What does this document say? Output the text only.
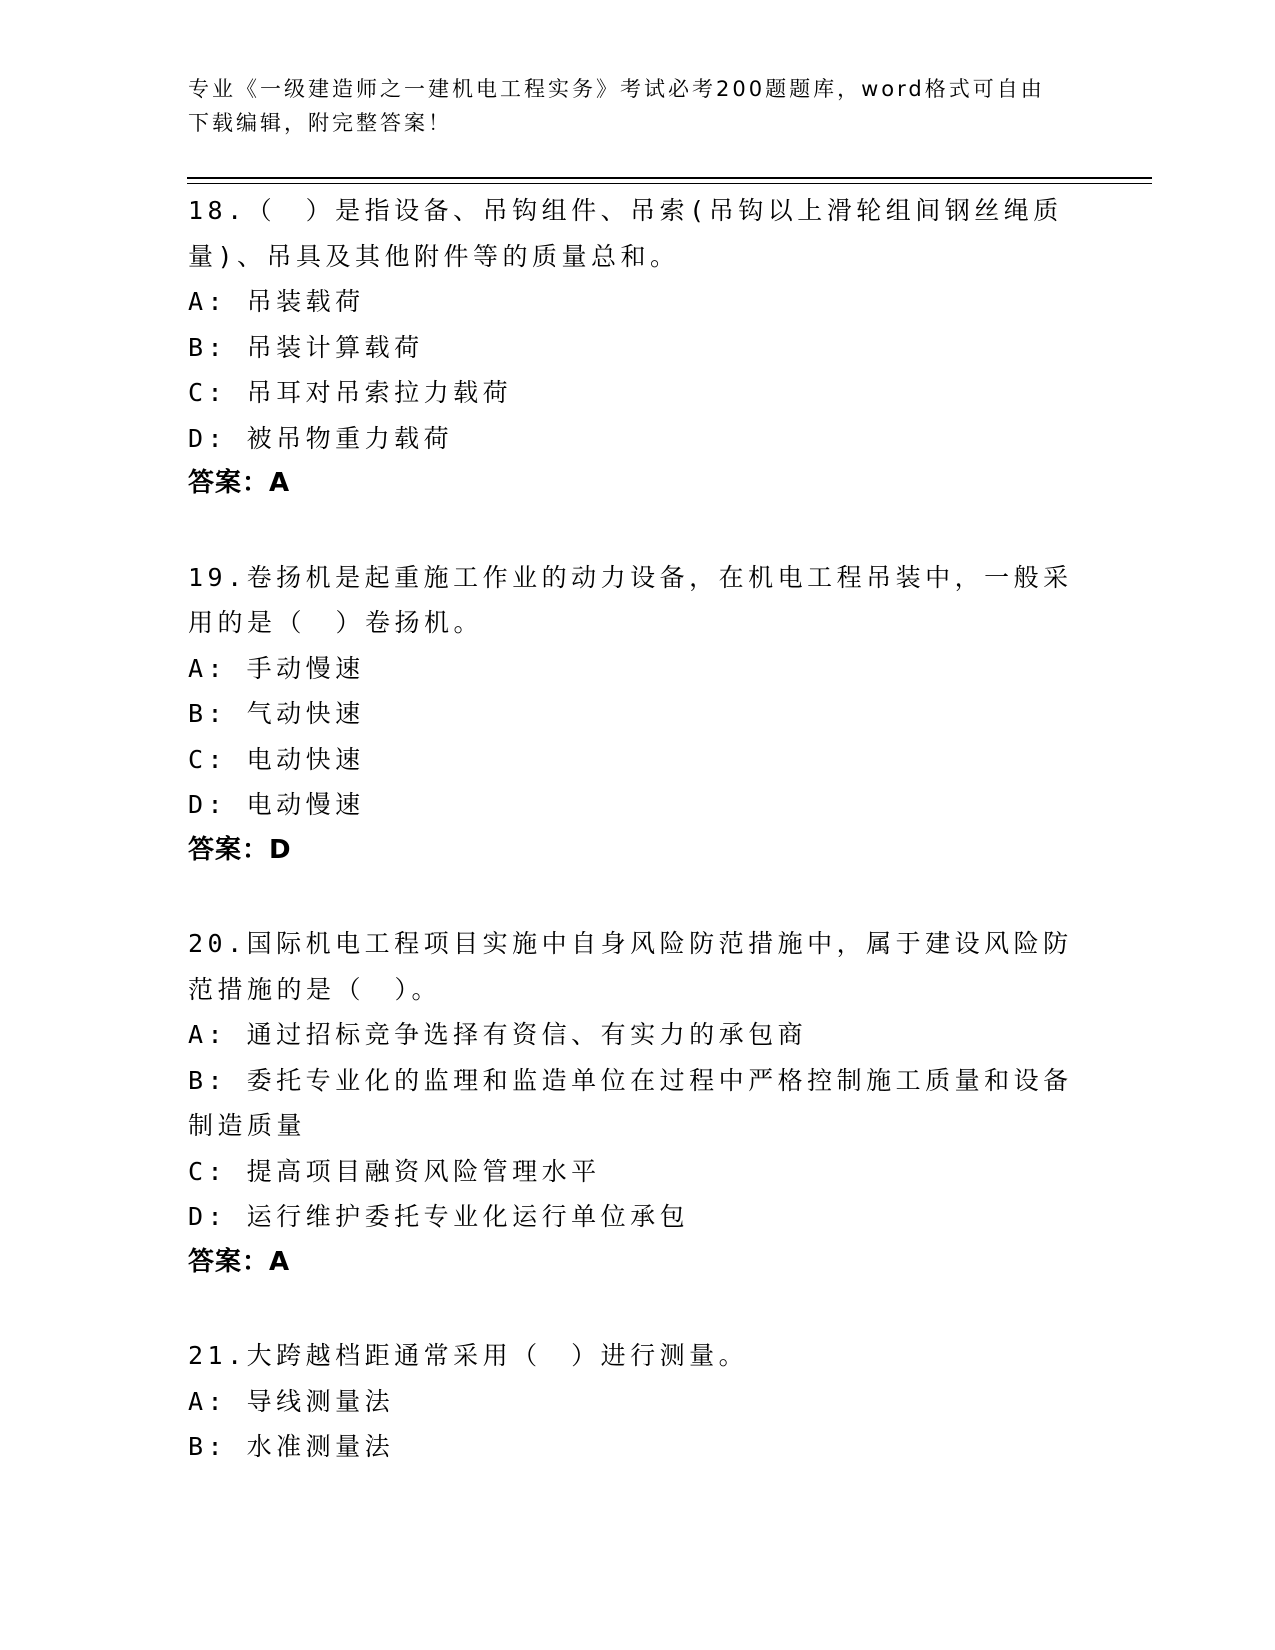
专业《一级建造师之一建机电工程实务》考试必考200题题库，word格式可自由
下载编辑，附完整答案！

18.（　）是指设备、吊钩组件、吊索(吊钩以上滑轮组间钢丝绳质量)、吊具及其他附件等的质量总和。

A: 吊装载荷

B: 吊装计算载荷

C: 吊耳对吊索拉力载荷

D: 被吊物重力载荷

答案：A

19.卷扬机是起重施工作业的动力设备，在机电工程吊装中，一般采用的是（　）卷扬机。

A: 手动慢速

B: 气动快速

C: 电动快速

D: 电动慢速

答案：D

20.国际机电工程项目实施中自身风险防范措施中，属于建设风险防范措施的是（　）。

A: 通过招标竞争选择有资信、有实力的承包商

B: 委托专业化的监理和监造单位在过程中严格控制施工质量和设备制造质量

C: 提高项目融资风险管理水平

D: 运行维护委托专业化运行单位承包

答案：A

21.大跨越档距通常采用（　）进行测量。

A: 导线测量法

B: 水准测量法
